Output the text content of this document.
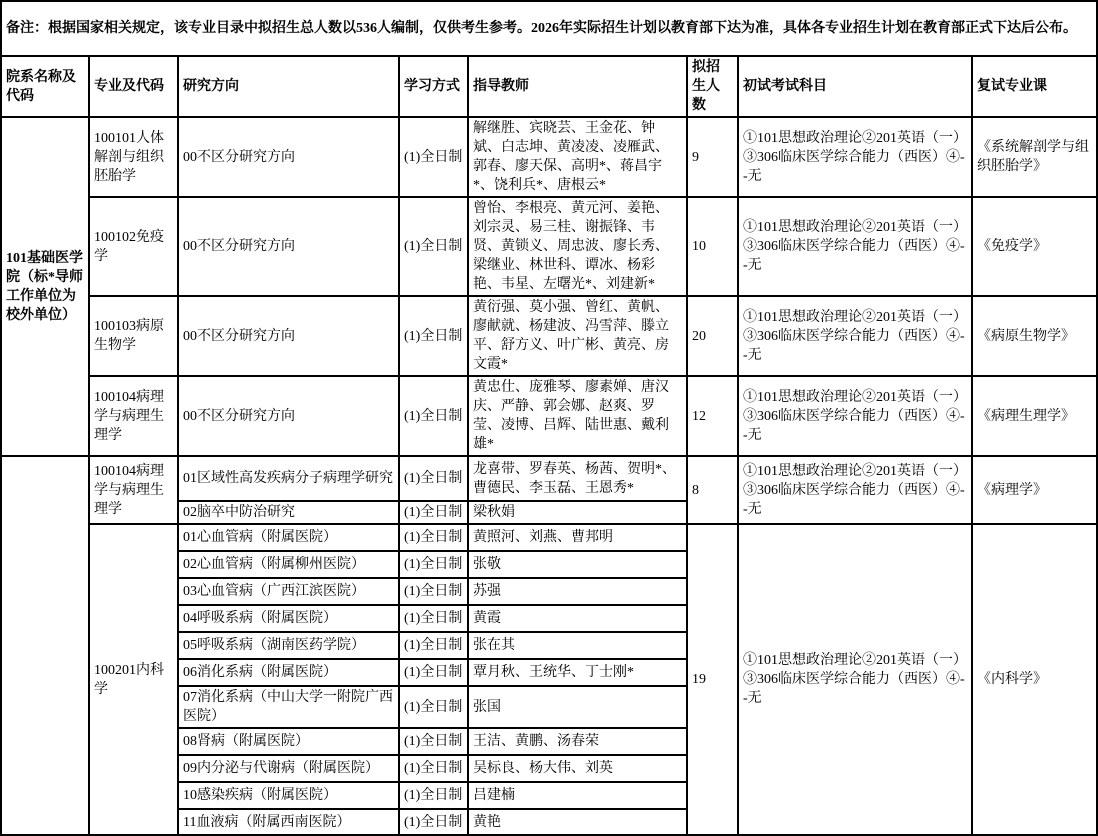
备注：根据国家相关规定，该专业目录中拟招生总人数以536人编制，仅供考生参考。2026年实际招生计划以教育部下达为准，具体各专业招生计划在教育部正式下达后公布。							
院系名称及代码	专业及代码	研究方向	学习方式	指导教师	拟招生人数	初试考试科目	复试专业课
101基础医学院（标*导师工作单位为校外单位）	100101人体解剖与组织胚胎学	00不区分研究方向	(1)全日制	解继胜、宾晓芸、王金花、钟斌、白志坤、黄凌凌、凌雁武、郭春、廖天保、高明*、蒋昌宇*、饶利兵*、唐根云*	9	①101思想政治理论②201英语（一）③306临床医学综合能力（西医）④--无	《系统解剖学与组织胚胎学》
	100102免疫学	00不区分研究方向	(1)全日制	曾怡、李根亮、黄元河、姜艳、刘宗灵、易三桂、谢振锋、韦贤、黄锁义、周忠波、廖长秀、梁继业、林世科、谭冰、杨彩艳、韦星、左曙光*、刘建新*	10	①101思想政治理论②201英语（一）③306临床医学综合能力（西医）④--无	《免疫学》
	100103病原生物学	00不区分研究方向	(1)全日制	黄衍强、莫小强、曾红、黄帆、廖献就、杨建波、冯雪萍、滕立平、舒方义、叶广彬、黄亮、房文霞*	20	①101思想政治理论②201英语（一）③306临床医学综合能力（西医）④--无	《病原生物学》
	100104病理学与病理生理学	00不区分研究方向	(1)全日制	黄忠仕、庞雅琴、廖素婵、唐汉庆、严静、郭会娜、赵爽、罗莹、凌博、吕辉、陆世惠、戴利雄*	12	①101思想政治理论②201英语（一）③306临床医学综合能力（西医）④--无	《病理生理学》
	100104病理学与病理生理学	01区域性高发疾病分子病理学研究	(1)全日制	龙喜带、罗春英、杨茜、贺明*、曹德民、李玉磊、王恩秀*	8	①101思想政治理论②201英语（一）③306临床医学综合能力（西医）④--无	《病理学》
		02脑卒中防治研究	(1)全日制	梁秋娟			
	100201内科学	01心血管病（附属医院）	(1)全日制	黄照河、刘燕、曹邦明	19	①101思想政治理论②201英语（一）③306临床医学综合能力（西医）④--无	《内科学》
		02心血管病（附属柳州医院）	(1)全日制	张敬			
		03心血管病（广西江滨医院）	(1)全日制	苏强			
		04呼吸系病（附属医院）	(1)全日制	黄霞			
		05呼吸系病（湖南医药学院）	(1)全日制	张在其			
		06消化系病（附属医院）	(1)全日制	覃月秋、王统华、丁士刚*			
		07消化系病（中山大学一附院广西医院）	(1)全日制	张国			
		08肾病（附属医院）	(1)全日制	王洁、黄鹏、汤春荣			
		09内分泌与代谢病（附属医院）	(1)全日制	吴标良、杨大伟、刘英			
		10感染疾病（附属医院）	(1)全日制	吕建楠			
		11血液病（附属西南医院）	(1)全日制	黄艳			
